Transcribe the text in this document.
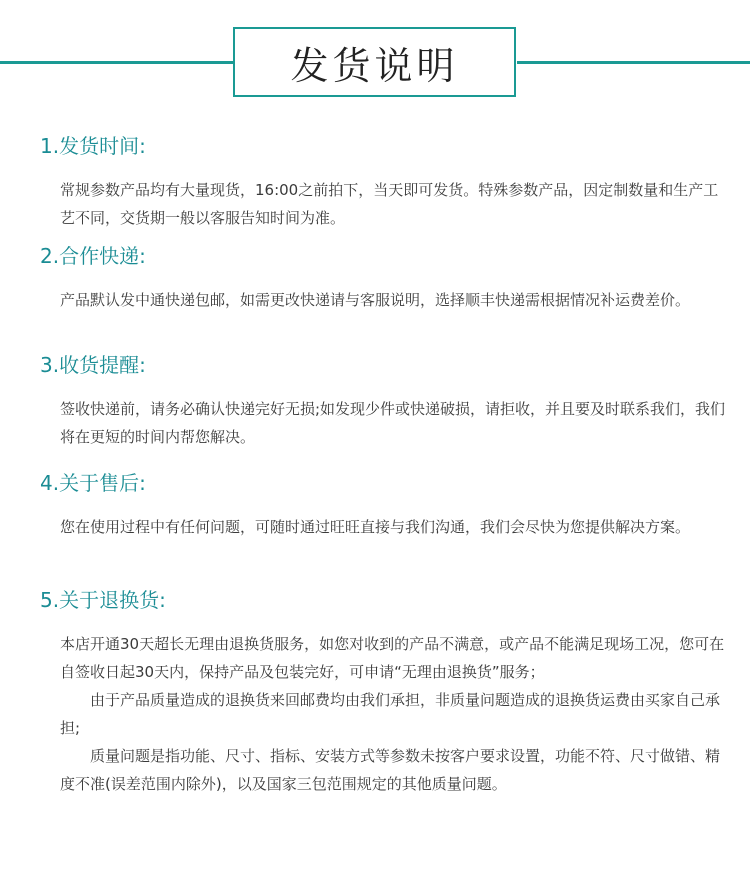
发货说明
1.发货时间:

常规参数产品均有大量现货，16:00之前拍下，当天即可发货。特殊参数产品，因定制数量和生产工艺不同，交货期一般以客服告知时间为准。

2.合作快递:

产品默认发中通快递包邮，如需更改快递请与客服说明，选择顺丰快递需根据情况补运费差价。

3.收货提醒:

签收快递前，请务必确认快递完好无损;如发现少件或快递破损，请拒收，并且要及时联系我们，我们将在更短的时间内帮您解决。

4.关于售后:

您在使用过程中有任何问题，可随时通过旺旺直接与我们沟通，我们会尽快为您提供解决方案。

5.关于退换货:

本店开通30天超长无理由退换货服务，如您对收到的产品不满意，或产品不能满足现场工况，您可在自签收日起30天内，保持产品及包装完好，可申请“无理由退换货”服务；

由于产品质量造成的退换货来回邮费均由我们承担，非质量问题造成的退换货运费由买家自己承担;

质量问题是指功能、尺寸、指标、安装方式等参数未按客户要求设置，功能不符、尺寸做错、精度不准(误差范围内除外)，以及国家三包范围规定的其他质量问题。
